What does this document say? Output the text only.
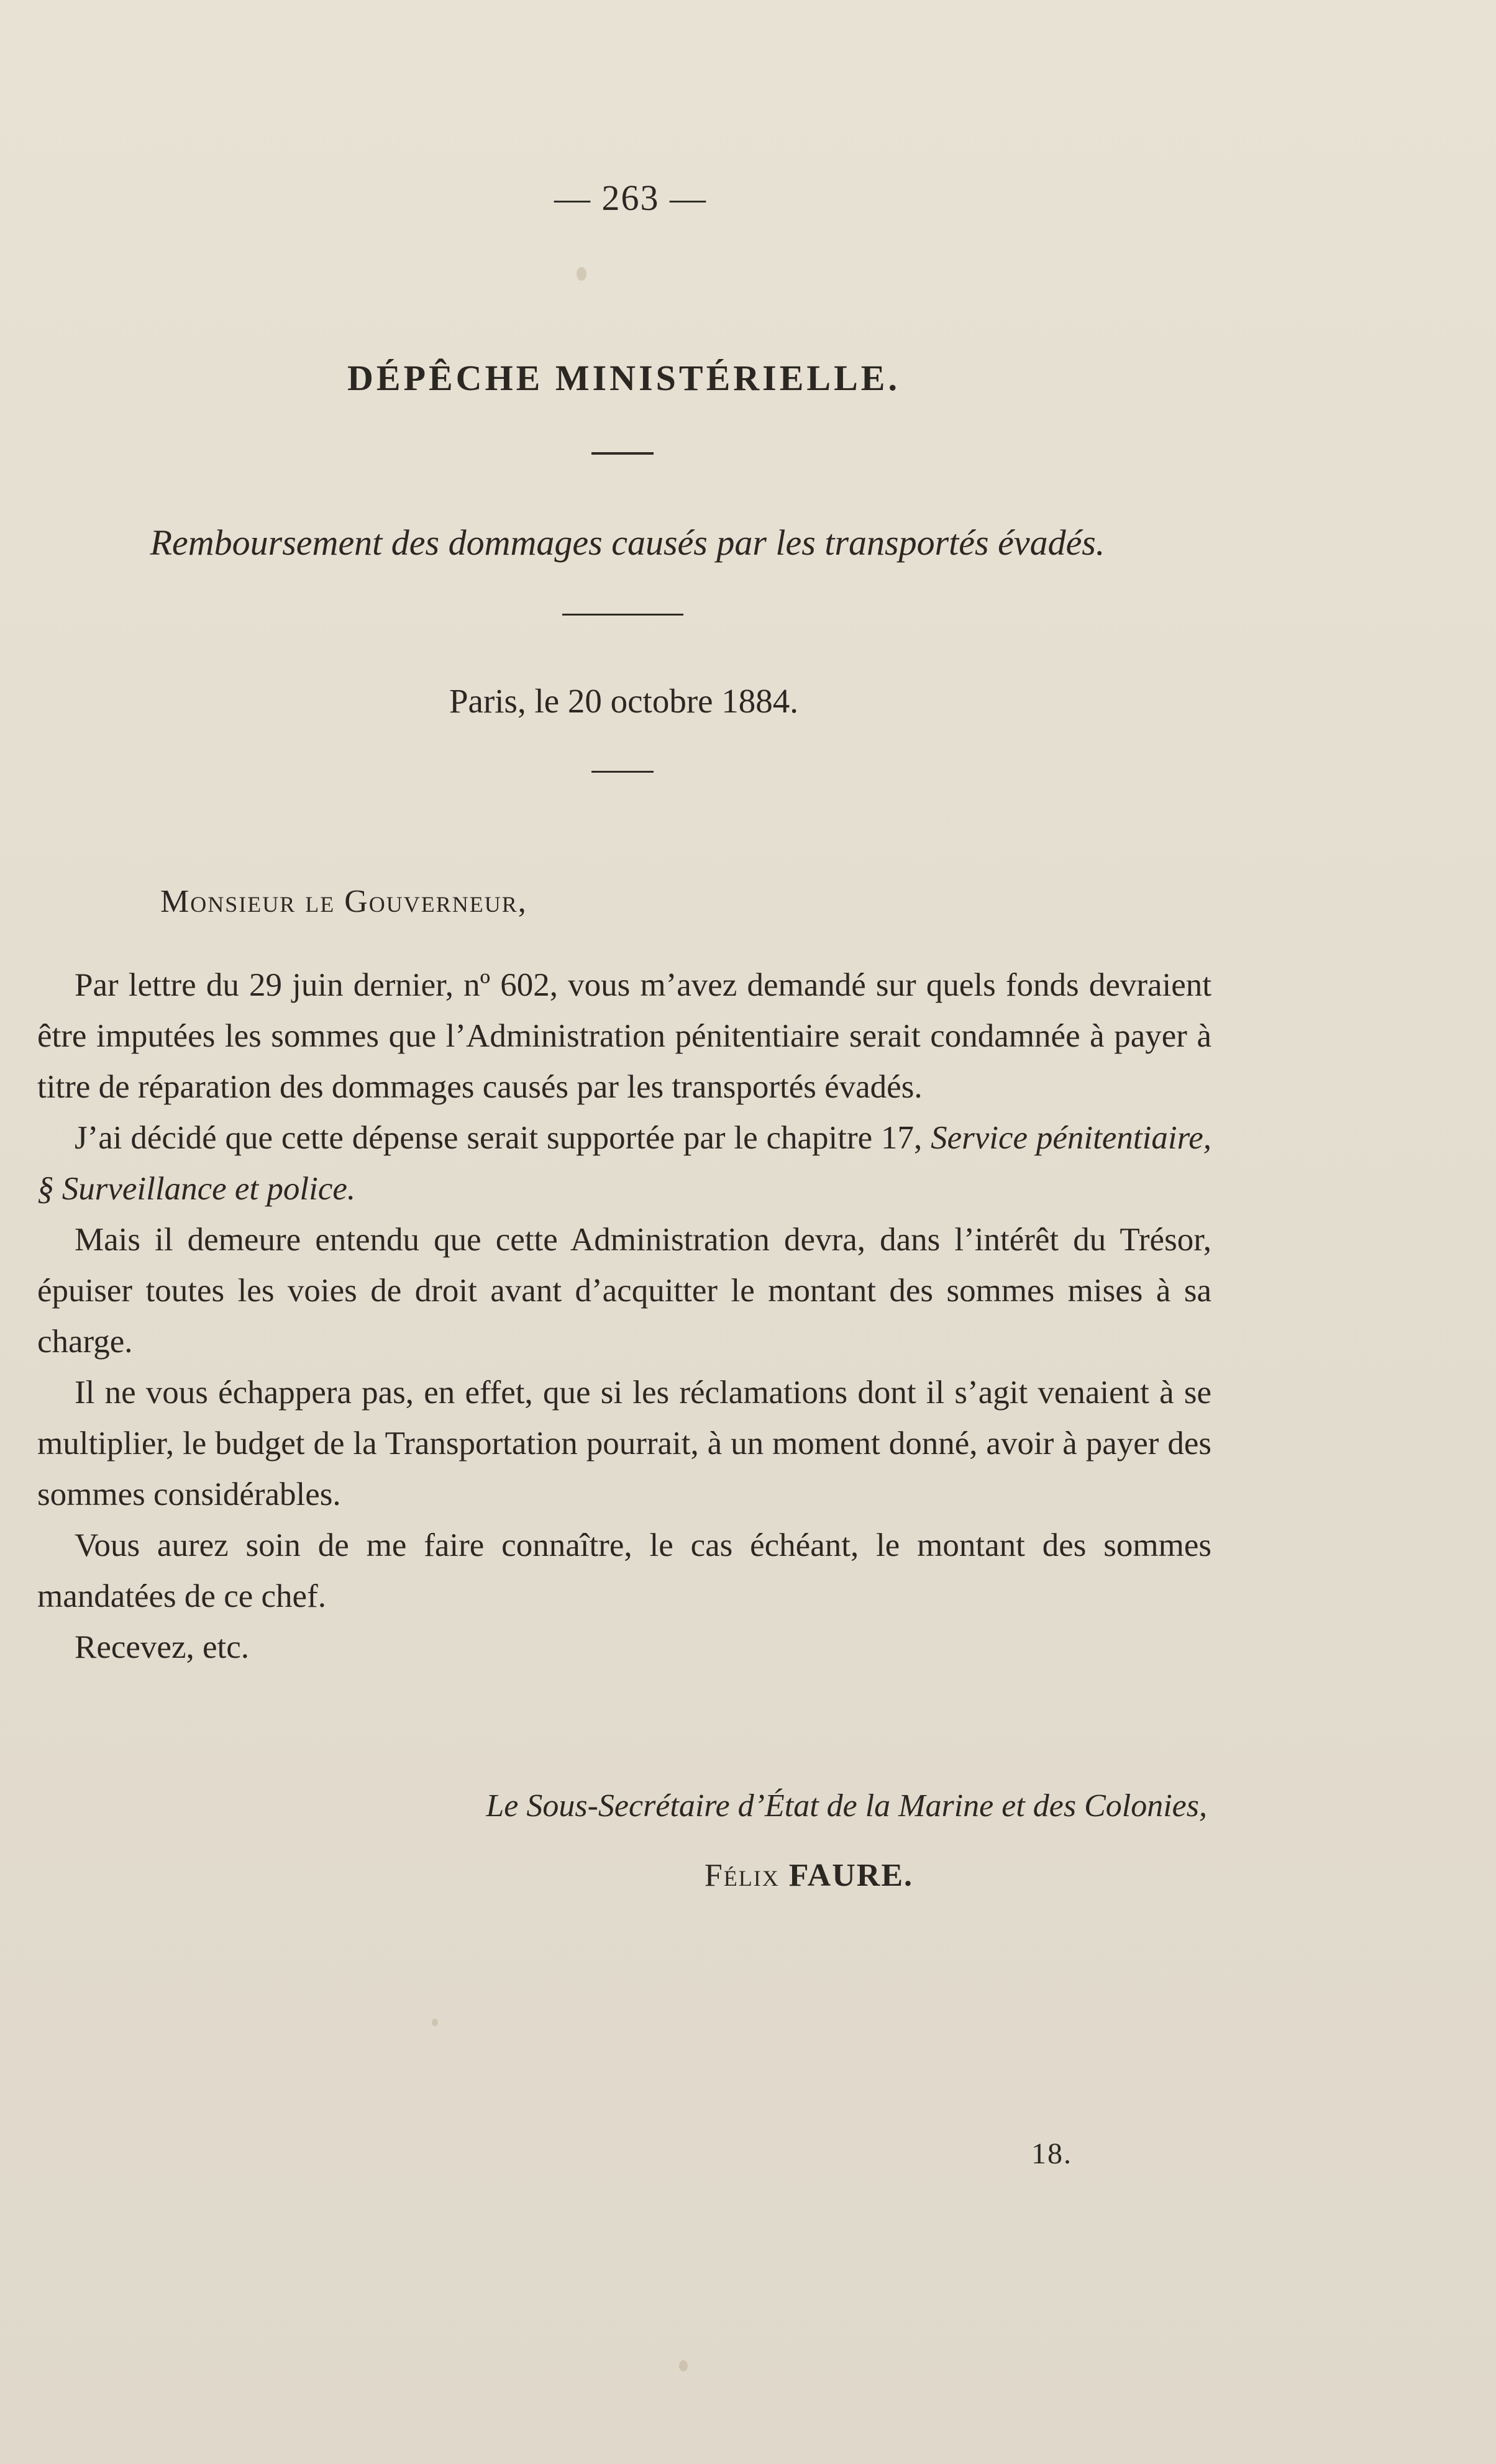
— 263 —
DÉPÊCHE MINISTÉRIELLE.
Remboursement des dommages causés par les transportés évadés.
Paris, le 20 octobre 1884.
Monsieur le Gouverneur,

Par lettre du 29 juin dernier, nº 602, vous m’avez demandé sur quels fonds devraient être imputées les sommes que l’Administration pénitentiaire serait condamnée à payer à titre de réparation des dommages causés par les transportés évadés.

J’ai décidé que cette dépense serait supportée par le chapitre 17, Service pénitentiaire, § Surveillance et police.

Mais il demeure entendu que cette Administration devra, dans l’intérêt du Trésor, épuiser toutes les voies de droit avant d’acquitter le montant des sommes mises à sa charge.

Il ne vous échappera pas, en effet, que si les réclamations dont il s’agit venaient à se multiplier, le budget de la Transportation pourrait, à un moment donné, avoir à payer des sommes considérables.

Vous aurez soin de me faire connaître, le cas échéant, le montant des sommes mandatées de ce chef.

Recevez, etc.

Le Sous-Secrétaire d’État de la Marine et des Colonies,
Félix FAURE.
18.
